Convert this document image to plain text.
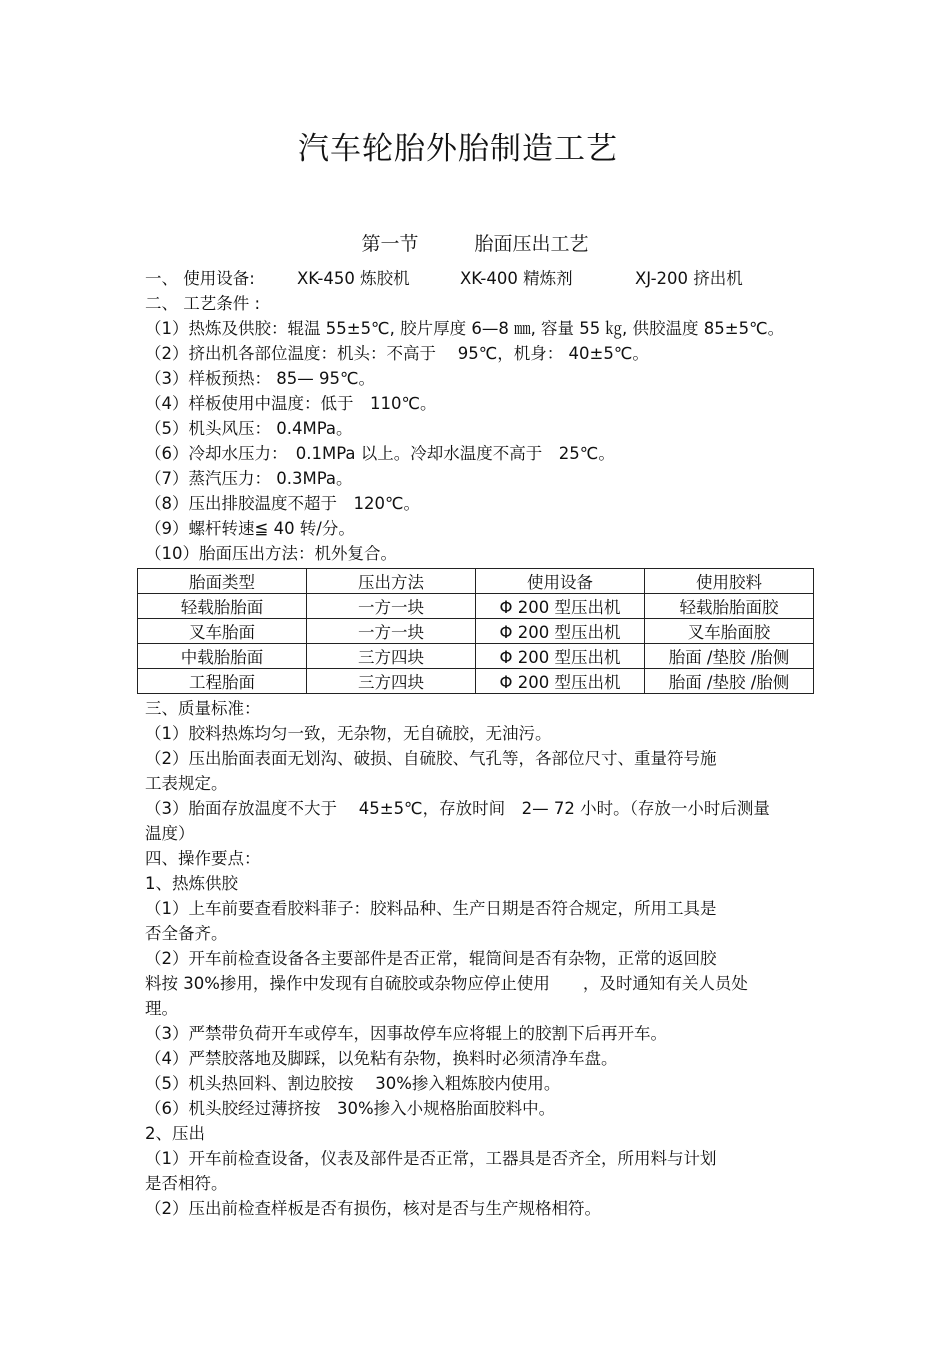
汽车轮胎外胎制造工艺
第一节	胎面压出工艺
一、 使用设备:	XK-450 炼胶机	XK-400 精炼剂	XJ-200 挤出机
二、 工艺条件 :
（1）热炼及供胶：辊温 55±5℃, 胶片厚度 6—8 ㎜, 容量 55 ㎏, 供胶温度 85±5℃。
（2）挤出机各部位温度：机头：不高于　 95℃，机身： 40±5℃。
（3）样板预热： 85— 95℃。
（4）样板使用中温度：低于　110℃。
（5）机头风压： 0.4MPa。
（6）冷却水压力：　0.1MPa 以上。冷却水温度不高于　25℃。
（7）蒸汽压力： 0.3MPa。
（8）压出排胶温度不超于　120℃。
（9）螺杆转速≦ 40 转/分。
（10）胎面压出方法：机外复合。
胎面类型	压出方法	使用设备	使用胶料
轻载胎胎面	一方一块	Φ 200 型压出机	轻载胎胎面胶
叉车胎面	一方一块	Φ 200 型压出机	叉车胎面胶
中载胎胎面	三方四块	Φ 200 型压出机	胎面 /垫胶 /胎侧
工程胎面	三方四块	Φ 200 型压出机	胎面 /垫胶 /胎侧
三、质量标准：
（1）胶料热炼均匀一致，无杂物，无自硫胶，无油污。
（2）压出胎面表面无划沟、破损、自硫胶、气孔等，各部位尺寸、重量符号施
工表规定。
（3）胎面存放温度不大于　 45±5℃，存放时间　2— 72 小时。（存放一小时后测量
温度）
四、操作要点：
1、热炼供胶
（1）上车前要查看胶料菲子：胶料品种、生产日期是否符合规定，所用工具是
否全备齐。
（2）开车前检查设备各主要部件是否正常，辊筒间是否有杂物，正常的返回胶
料按 30%掺用，操作中发现有自硫胶或杂物应停止使用　　，及时通知有关人员处
理。
（3）严禁带负荷开车或停车，因事故停车应将辊上的胶割下后再开车。
（4）严禁胶落地及脚踩，以免粘有杂物，换料时必须清净车盘。
（5）机头热回料、割边胶按　 30%掺入粗炼胶内使用。
（6）机头胶经过薄挤按　30%掺入小规格胎面胶料中。
2、压出
（1）开车前检查设备，仪表及部件是否正常，工器具是否齐全，所用料与计划
是否相符。
（2）压出前检查样板是否有损伤，核对是否与生产规格相符。
